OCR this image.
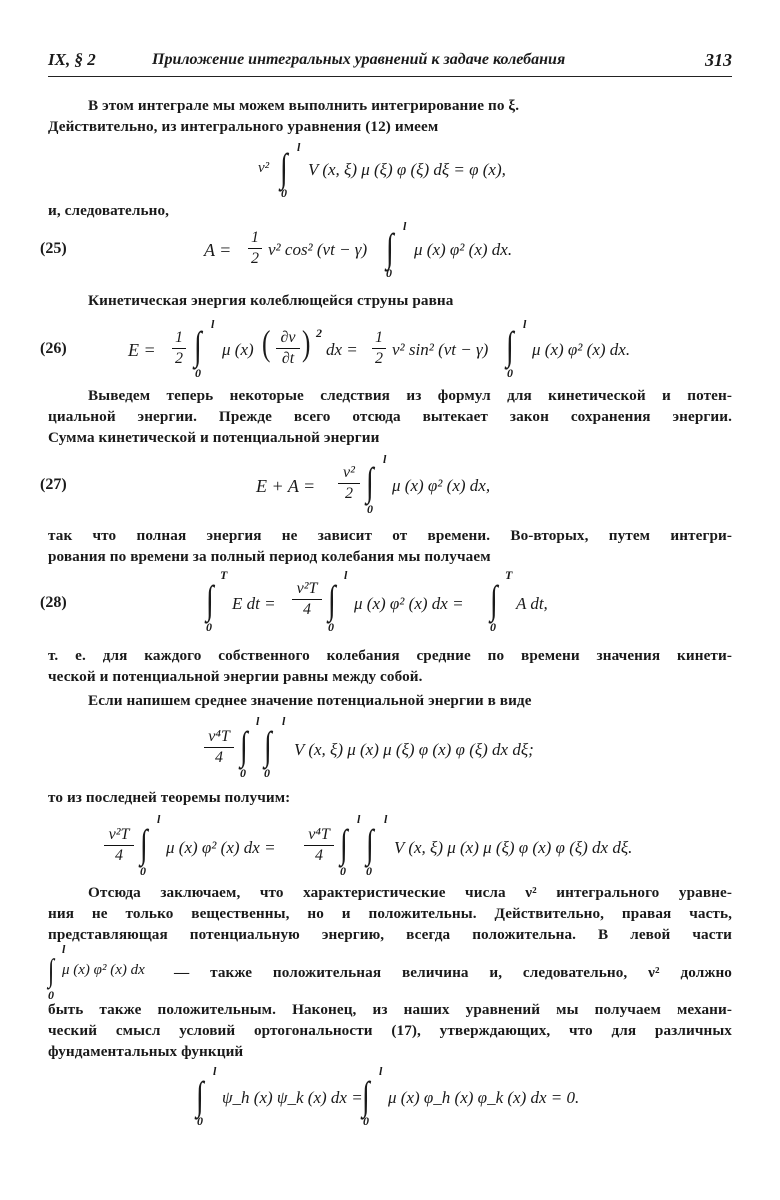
IX, § 2	Приложение интегральных уравнений к задаче колебания	313
В этом интеграле мы можем выполнить интегрирование по ξ.
Действительно, из интегрального уравнения (12) имеем
ν² ∫ l
0
V (x, ξ) μ (ξ) φ (ξ) dξ = φ (x),
и, следовательно,
(25)	A =
1
2 ν² cos² (νt − γ) ∫ l
0
μ (x) φ² (x) dx.
Кинетическая энергия колеблющейся струны равна
(26)	E =
1
2 ∫ l
0
μ (x) ( ∂v
∂t ) 2
dx =
1
2 ν² sin² (νt − γ) ∫ l
0
μ (x) φ² (x) dx.
Выведем теперь некоторые следствия из формул для кинетической и потен-
циальной энергии. Прежде всего отсюда вытекает закон сохранения энергии.
Сумма кинетической и потенциальной энергии
(27)	E + A =
ν²
2 ∫ l
0
μ (x) φ² (x) dx,
так что полная энергия не зависит от времени. Во-вторых, путем интегри-
рования по времени за полный период колебания мы получаем
(28)	∫
T
0
E dt =
ν²T
4 ∫
l
0
μ (x) φ² (x) dx = ∫
T
0
A dt,
т. е. для каждого собственного колебания средние по времени значения кинети-
ческой и потенциальной энергии равны между собой.
Если напишем среднее значение потенциальной энергии в виде
ν⁴T
4 ∫
l
0
∫
l
0
V (x, ξ) μ (x) μ (ξ) φ (x) φ (ξ) dx dξ;
то из последней теоремы получим:
ν²T
4 ∫
l
0
μ (x) φ² (x) dx =
ν⁴T
4 ∫
l
0
∫
l
0
V (x, ξ) μ (x) μ (ξ) φ (x) φ (ξ) dx dξ.
Отсюда заключаем, что характеристические числа ν² интегрального уравне-
ния не только вещественны, но и положительны. Действительно, правая часть,
представляющая потенциальную энергию, всегда положительна. В левой части
∫
l
0
μ (x) φ² (x) dx — также положительная величина и, следовательно, ν² должно
быть также положительным. Наконец, из наших уравнений мы получаем механи-
ческий смысл условий ортогональности (17), утверждающих, что для различных
фундаментальных функций
∫
l
0
ψ_h (x) ψ_k (x) dx = ∫
l
0
μ (x) φ_h (x) φ_k (x) dx = 0.
